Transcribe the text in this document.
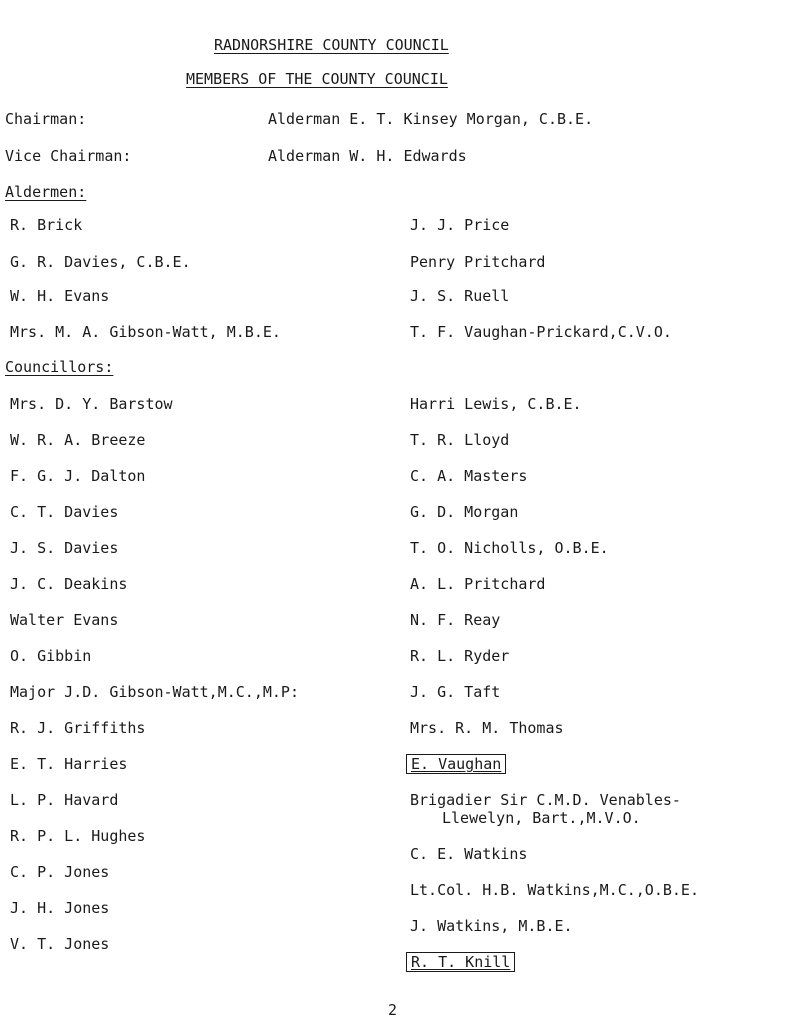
RADNORSHIRE COUNTY COUNCIL
MEMBERS OF THE COUNTY COUNCIL
Chairman:	Alderman E. T. Kinsey Morgan, C.B.E.
Vice Chairman:	Alderman W. H. Edwards
Aldermen:
R. Brick
G. R. Davies, C.B.E.
W. H. Evans
Mrs. M. A. Gibson-Watt, M.B.E.
J. J. Price
Penry Pritchard
J. S. Ruell
T. F. Vaughan-Prickard,C.V.O.
Councillors:
Mrs. D. Y. Barstow
W. R. A. Breeze
F. G. J. Dalton
C. T. Davies
J. S. Davies
J. C. Deakins
Walter Evans
O. Gibbin
Major J.D. Gibson-Watt,M.C.,M.P:
R. J. Griffiths
E. T. Harries
L. P. Havard
R. P. L. Hughes
C. P. Jones
J. H. Jones
V. T. Jones
Harri Lewis, C.B.E.
T. R. Lloyd
C. A. Masters
G. D. Morgan
T. O. Nicholls, O.B.E.
A. L. Pritchard
N. F. Reay
R. L. Ryder
J. G. Taft
Mrs. R. M. Thomas
E. Vaughan
Brigadier Sir C.M.D. Venables-
Llewelyn, Bart.,M.V.O.
C. E. Watkins
Lt.Col. H.B. Watkins,M.C.,O.B.E.
J. Watkins, M.B.E.
R. T. Knill
2
